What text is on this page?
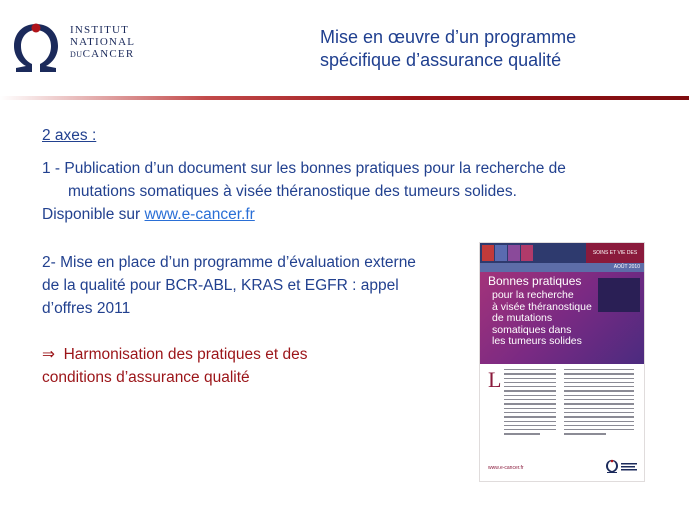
INSTITUT
NATIONAL
DUCANCER
Mise en œuvre d’un programme
spécifique d’assurance qualité
2 axes :
1 - Publication d’un document sur les bonnes pratiques pour la recherche de
mutations somatiques à visée théranostique des tumeurs solides.
Disponible sur www.e-cancer.fr
2- Mise en place d’un programme d’évaluation externe
de la qualité pour BCR-ABL, KRAS et EGFR : appel
d’offres 2011
⇒  Harmonisation des pratiques et des
conditions d’assurance qualité
SOINS ET VIE DES
AOÛT 2010
Bonnes pratiques
pour la recherche
à visée théranostique
de mutations
somatiques dans
les tumeurs solides
L
www.e-cancer.fr
